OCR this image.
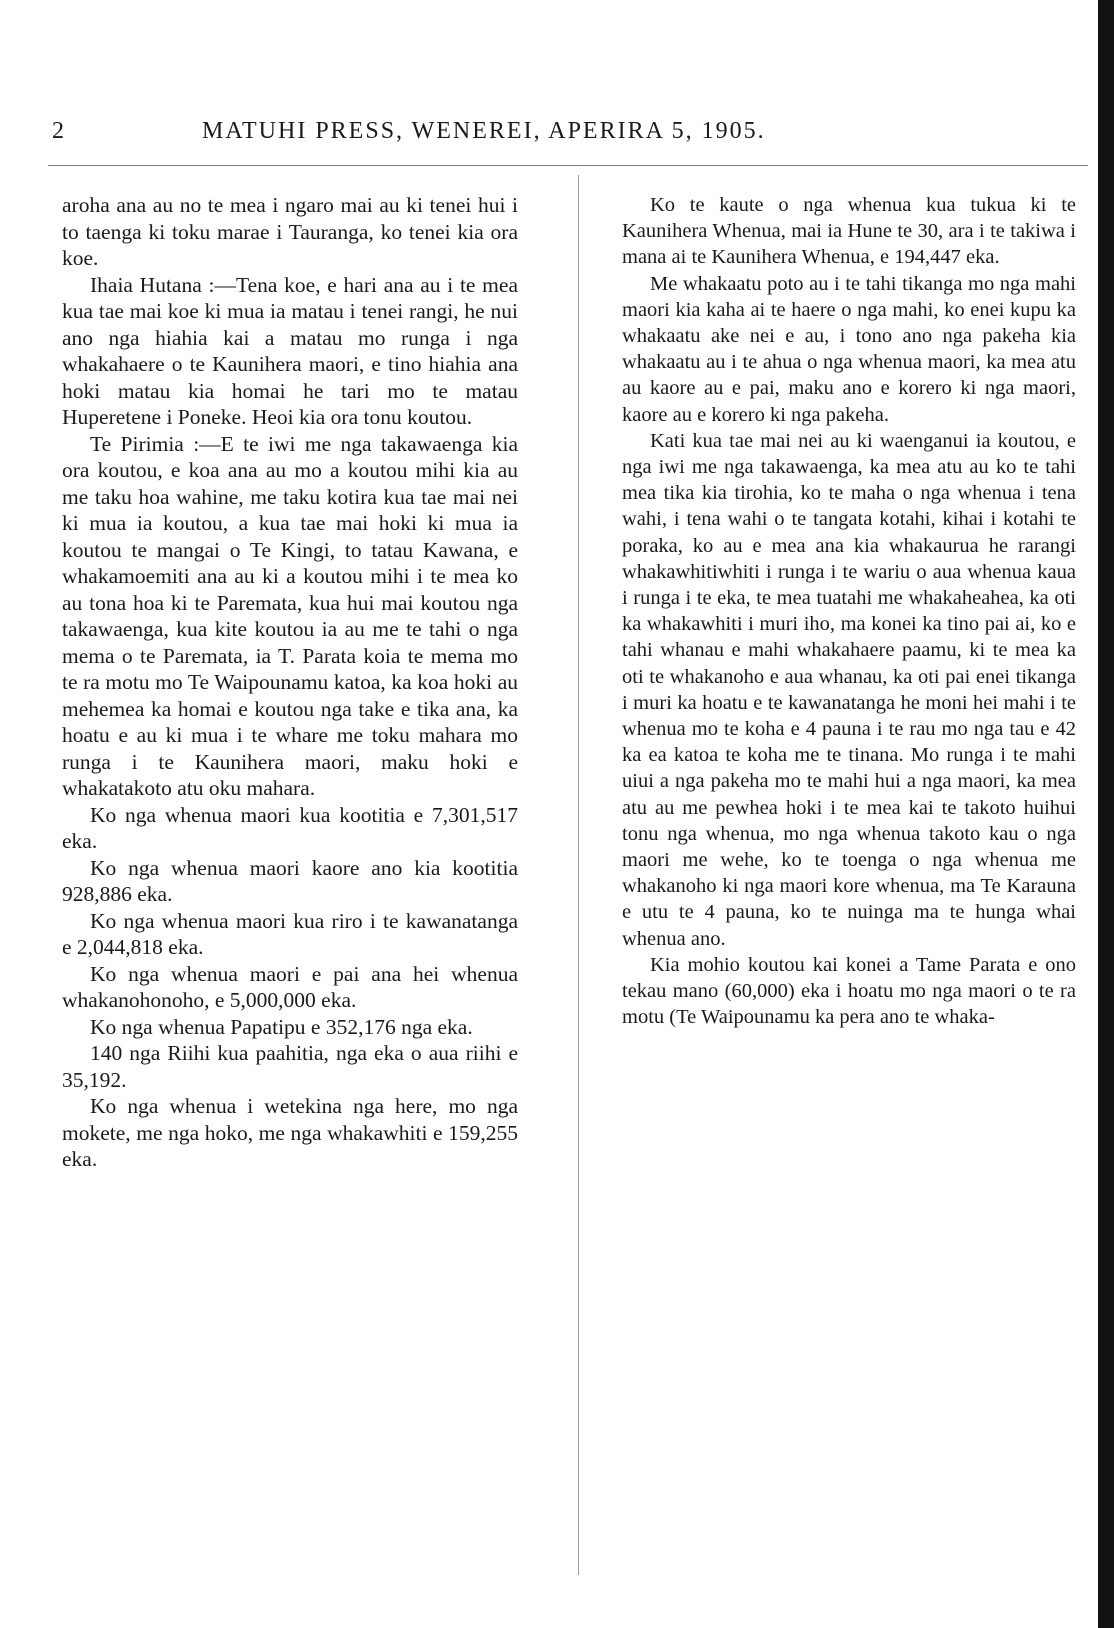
2	MATUHI PRESS, WENEREI, APERIRA 5, 1905.

aroha ana au no te mea i ngaro mai au ki tenei hui i to taenga ki toku marae i Tauranga, ko tenei kia ora koe.

Ihaia Hutana :—Tena koe, e hari ana au i te mea kua tae mai koe ki mua ia matau i tenei rangi, he nui ano nga hiahia kai a matau mo runga i nga whakahaere o te Kaunihera maori, e tino hiahia ana hoki matau kia homai he tari mo te matau Huperetene i Poneke. Heoi kia ora tonu koutou.

Te Pirimia :—E te iwi me nga takawaenga kia ora koutou, e koa ana au mo a koutou mihi kia au me taku hoa wahine, me taku kotira kua tae mai nei ki mua ia koutou, a kua tae mai hoki ki mua ia koutou te mangai o Te Kingi, to tatau Kawana, e whakamoemiti ana au ki a koutou mihi i te mea ko au tona hoa ki te Paremata, kua hui mai koutou nga takawaenga, kua kite koutou ia au me te tahi o nga mema o te Paremata, ia T. Parata koia te mema mo te ra motu mo Te Waipounamu katoa, ka koa hoki au mehemea ka homai e koutou nga take e tika ana, ka hoatu e au ki mua i te whare me toku mahara mo runga i te Kaunihera maori, maku hoki e whakatakoto atu oku mahara.

Ko nga whenua maori kua kootitia e 7,301,517 eka.

Ko nga whenua maori kaore ano kia kootitia 928,886 eka.

Ko nga whenua maori kua riro i te kawanatanga e 2,044,818 eka.

Ko nga whenua maori e pai ana hei whenua whakanohonoho, e 5,000,000 eka.

Ko nga whenua Papatipu e 352,176 nga eka.

140 nga Riihi kua paahitia, nga eka o aua riihi e 35,192.

Ko nga whenua i wetekina nga here, mo nga moketе, me nga hoko, me nga whakawhiti e 159,255 eka.

Ko te kaute o nga whenua kua tukua ki te Kaunihera Whenua, mai ia Hune te 30, ara i te takiwa i mana ai te Kaunihera Whenua, e 194,447 eka.

Me whakaatu poto au i te tahi tikanga mo nga mahi maori kia kaha ai te haere o nga mahi, ko enei kupu ka whakaatu ake nei e au, i tono ano nga pakeha kia whakaatu au i te ahua o nga whenua maori, ka mea atu au kaore au e pai, maku ano e korero ki nga maori, kaore au e korero ki nga pakeha.

Kati kua tae mai nei au ki waenganui ia koutou, e nga iwi me nga takawaenga, ka mea atu au ko te tahi mea tika kia tirohia, ko te maha o nga whenua i tena wahi, i tena wahi o te tangata kotahi, kihai i kotahi te poraka, ko au e mea ana kia whakaurua he rarangi whakawhitiwhiti i runga i te wariu o aua whenua kaua i runga i te eka, te mea tuatahi me whakaheahea, ka oti ka whakawhiti i muri iho, ma konei ka tino pai ai, ko e tahi whanau e mahi whakahaere paamu, ki te mea ka oti te whakanoho e aua whanau, ka oti pai enei tikanga i muri ka hoatu e te kawanatanga he moni hei mahi i te whenua mo te koha e 4 pauna i te rau mo nga tau e 42 ka ea katoa te koha me te tinana. Mo runga i te mahi uiui a nga pakeha mo te mahi hui a nga maori, ka mea atu au me pewhea hoki i te mea kai te takoto huihui tonu nga whenua, mo nga whenua takoto kau o nga maori me wehe, ko te toenga o nga whenua me whakanoho ki nga maori kore whenua, ma Te Karauna e utu te 4 pauna, ko te nuinga ma te hunga whai whenua ano.

Kia mohio koutou kai konei a Tame Parata e ono tekau mano (60,000) eka i hoatu mo nga maori o te ra motu (Te Waipounamu ka pera ano te whaka-
